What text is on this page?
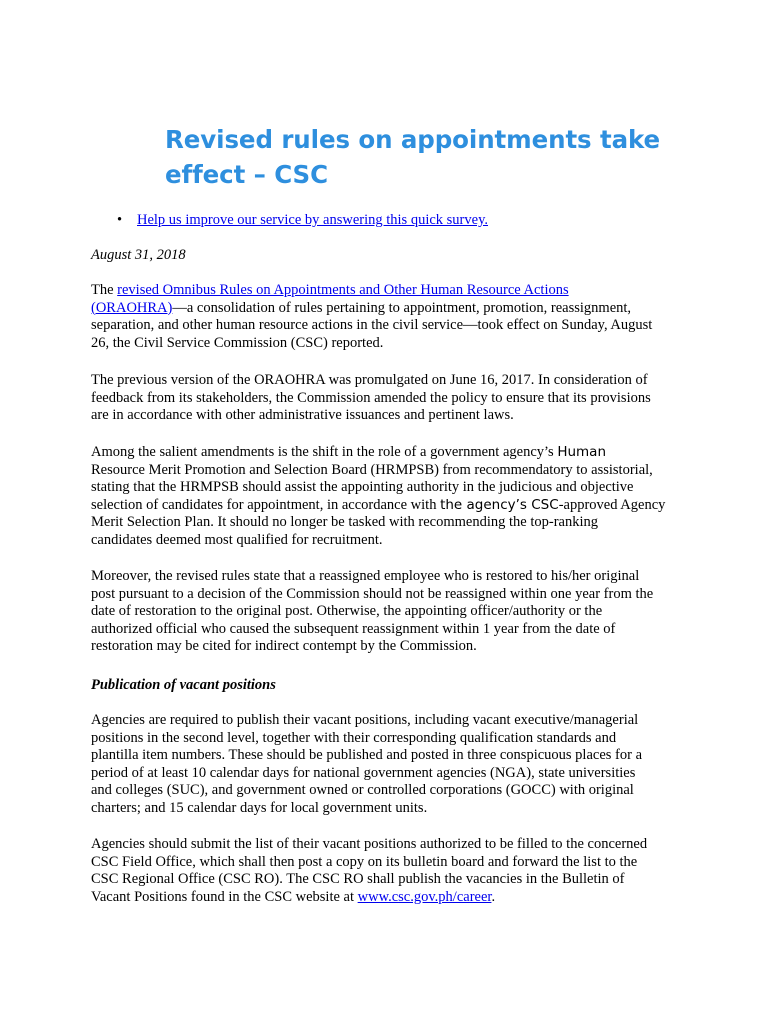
Revised rules on appointments take effect – CSC
• Help us improve our service by answering this quick survey.

August 31, 2018

The revised Omnibus Rules on Appointments and Other Human Resource Actions
(ORAOHRA)—a consolidation of rules pertaining to appointment, promotion, reassignment,
separation, and other human resource actions in the civil service—took effect on Sunday, August
26, the Civil Service Commission (CSC) reported.

The previous version of the ORAOHRA was promulgated on June 16, 2017. In consideration of
feedback from its stakeholders, the Commission amended the policy to ensure that its provisions
are in accordance with other administrative issuances and pertinent laws.

Among the salient amendments is the shift in the role of a government agency’s Human
Resource Merit Promotion and Selection Board (HRMPSB) from recommendatory to assistorial,
stating that the HRMPSB should assist the appointing authority in the judicious and objective
selection of candidates for appointment, in accordance with the agency’s CSC-approved Agency
Merit Selection Plan. It should no longer be tasked with recommending the top-ranking
candidates deemed most qualified for recruitment.

Moreover, the revised rules state that a reassigned employee who is restored to his/her original
post pursuant to a decision of the Commission should not be reassigned within one year from the
date of restoration to the original post. Otherwise, the appointing officer/authority or the
authorized official who caused the subsequent reassignment within 1 year from the date of
restoration may be cited for indirect contempt by the Commission.

Publication of vacant positions

Agencies are required to publish their vacant positions, including vacant executive/managerial
positions in the second level, together with their corresponding qualification standards and
plantilla item numbers. These should be published and posted in three conspicuous places for a
period of at least 10 calendar days for national government agencies (NGA), state universities
and colleges (SUC), and government owned or controlled corporations (GOCC) with original
charters; and 15 calendar days for local government units.

Agencies should submit the list of their vacant positions authorized to be filled to the concerned
CSC Field Office, which shall then post a copy on its bulletin board and forward the list to the
CSC Regional Office (CSC RO). The CSC RO shall publish the vacancies in the Bulletin of
Vacant Positions found in the CSC website at www.csc.gov.ph/career.
